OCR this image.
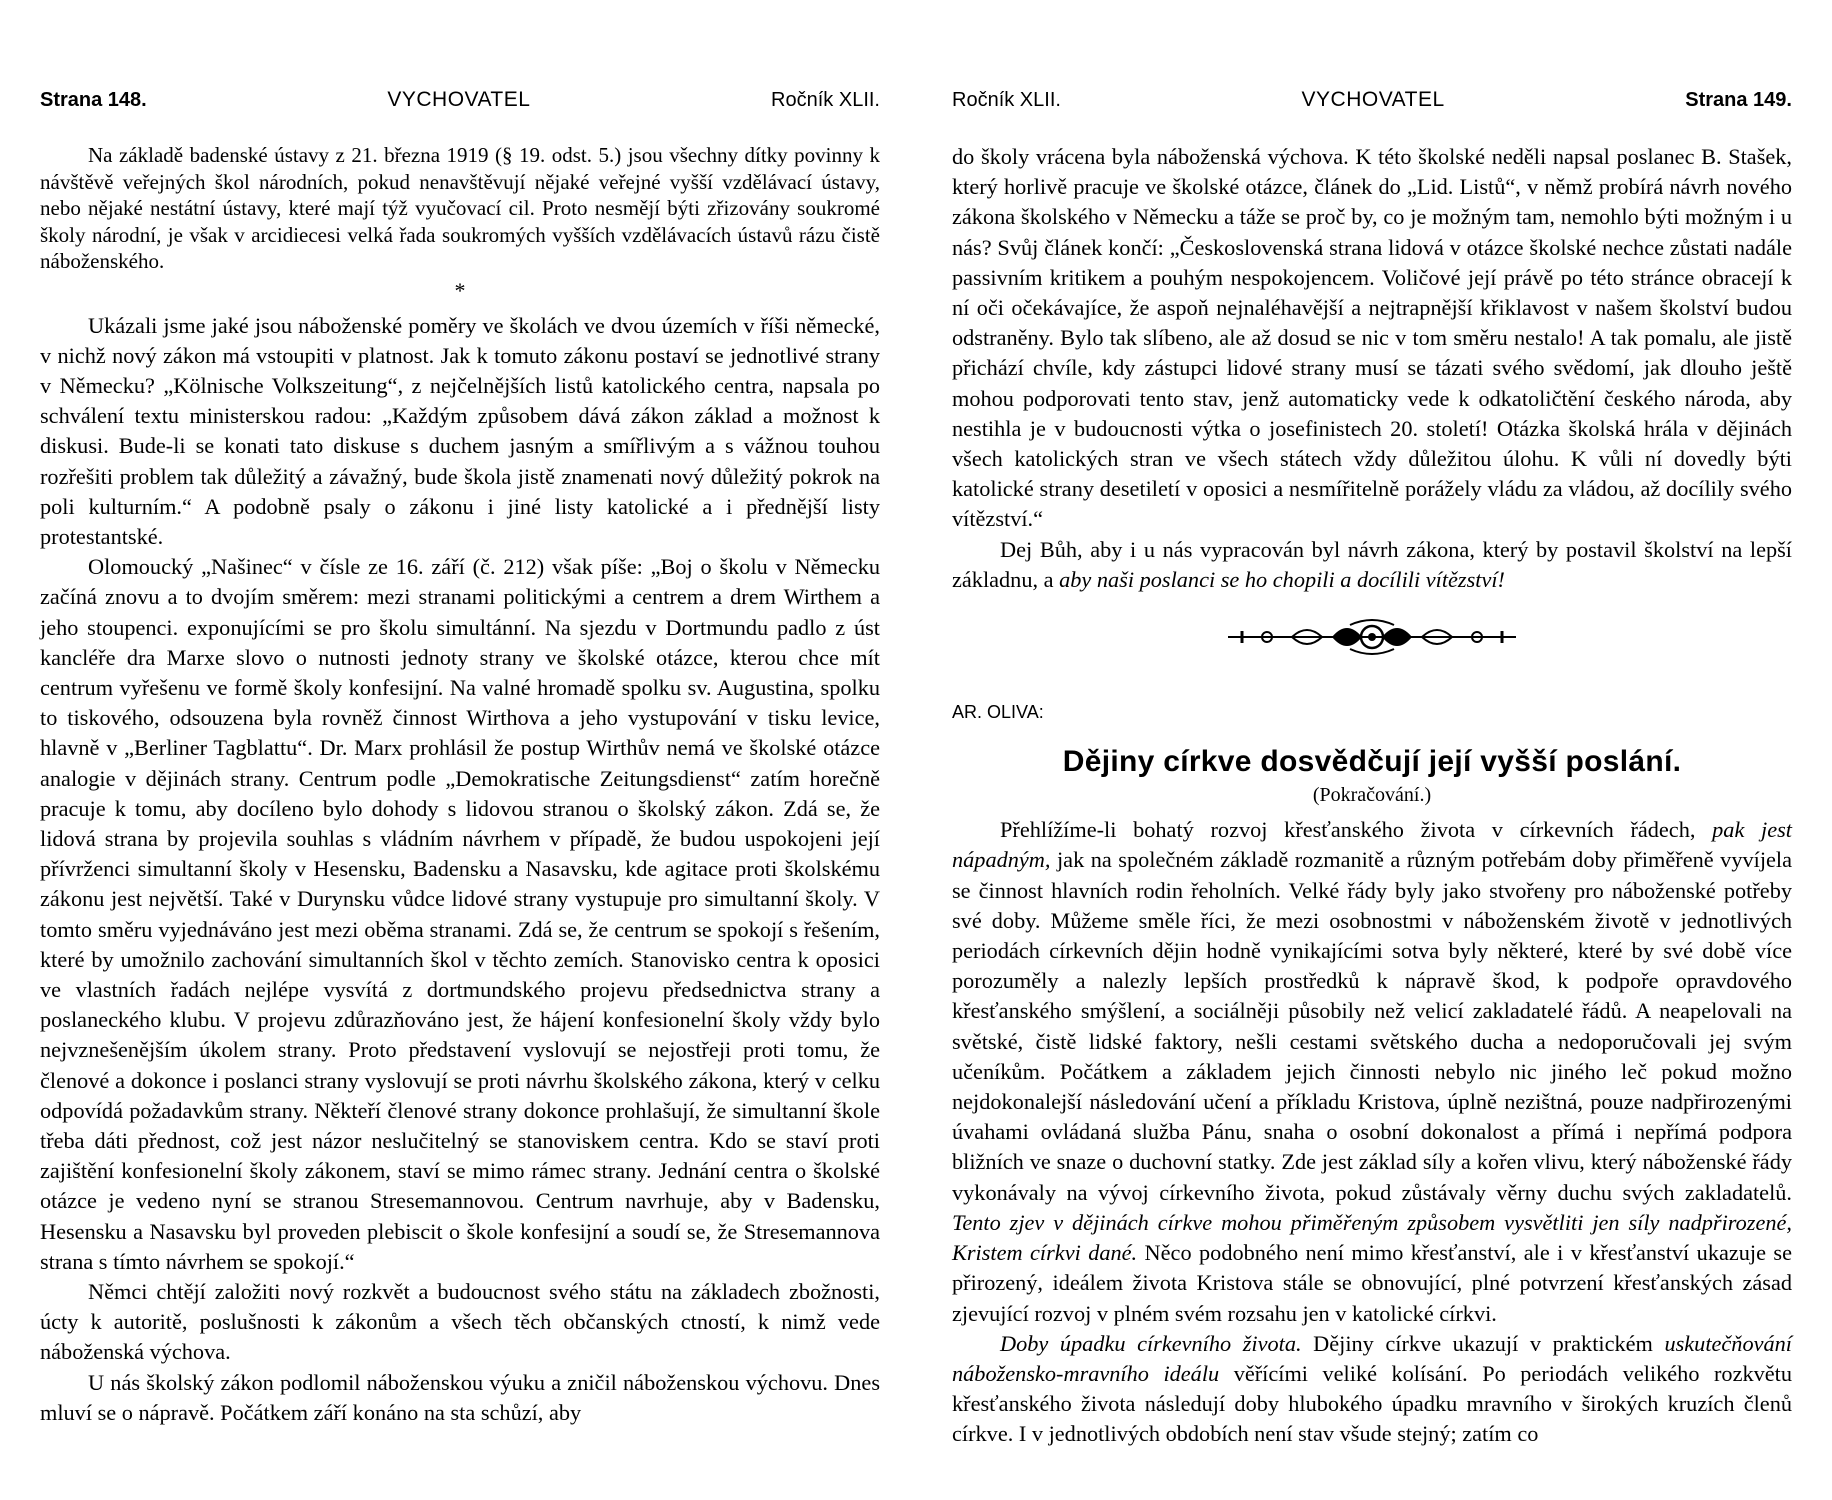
Strana 148.	VYCHOVATEL	Ročník XLII.

Na základě badenské ústavy z 21. března 1919 (§ 19. odst. 5.) jsou všechny dítky povinny k návštěvě veřejných škol národních, pokud nenavštěvují nějaké veřejné vyšší vzdělávací ústavy, nebo nějaké nestátní ústavy, které mají týž vyučovací cil. Proto nesmějí býti zřizovány soukromé školy národní, je však v arcidiecesi velká řada soukromých vyšších vzdělávacích ústavů rázu čistě náboženského.

*

Ukázali jsme jaké jsou náboženské poměry ve školách ve dvou územích v říši německé, v nichž nový zákon má vstoupiti v platnost. Jak k tomuto zákonu postaví se jednotlivé strany v Německu? „Kölnische Volkszeitung“, z nejčelnějších listů katolického centra, napsala po schválení textu ministerskou radou: „Každým způsobem dává zákon základ a možnost k diskusi. Bude-li se konati tato diskuse s duchem jasným a smířlivým a s vážnou touhou rozřešiti problem tak důležitý a závažný, bude škola jistě znamenati nový důležitý pokrok na poli kulturním.“ A podobně psaly o zákonu i jiné listy katolické a i přednější listy protestantské.

Olomoucký „Našinec“ v čísle ze 16. září (č. 212) však píše: „Boj o školu v Německu začíná znovu a to dvojím směrem: mezi stranami politickými a centrem a drem Wirthem a jeho stoupenci. exponujícími se pro školu simultánní. Na sjezdu v Dortmundu padlo z úst kancléře dra Marxe slovo o nutnosti jednoty strany ve školské otázce, kterou chce mít centrum vyřešenu ve formě školy konfesijní. Na valné hromadě spolku sv. Augustina, spolku to tiskového, odsouzena byla rovněž činnost Wirthova a jeho vystupování v tisku levice, hlavně v „Berliner Tagblattu“. Dr. Marx prohlásil že postup Wirthův nemá ve školské otázce analogie v dějinách strany. Centrum podle „Demokratische Zeitungsdienst“ zatím horečně pracuje k tomu, aby docíleno bylo dohody s lidovou stranou o školský zákon. Zdá se, že lidová strana by projevila souhlas s vládním návrhem v případě, že budou uspokojeni její přívrženci simultanní školy v Hesensku, Badensku a Nasavsku, kde agitace proti školskému zákonu jest největší. Také v Durynsku vůdce lidové strany vystupuje pro simultanní školy. V tomto směru vyjednáváno jest mezi oběma stranami. Zdá se, že centrum se spokojí s řešením, které by umožnilo zachování simultanních škol v těchto zemích. Stanovisko centra k oposici ve vlastních řadách nejlépe vysvítá z dortmundského projevu předsednictva strany a poslaneckého klubu. V projevu zdůrazňováno jest, že hájení konfesionelní školy vždy bylo nejvznešenějším úkolem strany. Proto představení vyslovují se nejostřeji proti tomu, že členové a dokonce i poslanci strany vyslovují se proti návrhu školského zákona, který v celku odpovídá požadavkům strany. Někteří členové strany dokonce prohlašují, že simultanní škole třeba dáti přednost, což jest názor neslučitelný se stanoviskem centra. Kdo se staví proti zajištění konfesionelní školy zákonem, staví se mimo rámec strany. Jednání centra o školské otázce je vedeno nyní se stranou Stresemannovou. Centrum navrhuje, aby v Badensku, Hesensku a Nasavsku byl proveden plebiscit o škole konfesijní a soudí se, že Stresemannova strana s tímto návrhem se spokojí.“

Němci chtějí založiti nový rozkvět a budoucnost svého státu na základech zbožnosti, úcty k autoritě, poslušnosti k zákonům a všech těch občanských ctností, k nimž vede náboženská výchova.

U nás školský zákon podlomil náboženskou výuku a zničil náboženskou výchovu. Dnes mluví se o nápravě. Počátkem září konáno na sta schůzí, aby

Ročník XLII.	VYCHOVATEL	Strana 149.

do školy vrácena byla náboženská výchova. K této školské neděli napsal poslanec B. Stašek, který horlivě pracuje ve školské otázce, článek do „Lid. Listů“, v němž probírá návrh nového zákona školského v Německu a táže se proč by, co je možným tam, nemohlo býti možným i u nás? Svůj článek končí: „Československá strana lidová v otázce školské nechce zůstati nadále passivním kritikem a pouhým nespokojencem. Voličové její právě po této stránce obracejí k ní oči očekávajíce, že aspoň nejnaléhavější a nejtrapnější křiklavost v našem školství budou odstraněny. Bylo tak slíbeno, ale až dosud se nic v tom směru nestalo! A tak pomalu, ale jistě přichází chvíle, kdy zástupci lidové strany musí se tázati svého svědomí, jak dlouho ještě mohou podporovati tento stav, jenž automaticky vede k odkatoličtění českého národa, aby nestihla je v budoucnosti výtka o josefinistech 20. století! Otázka školská hrála v dějinách všech katolických stran ve všech státech vždy důležitou úlohu. K vůli ní dovedly býti katolické strany desetiletí v oposici a nesmířitelně porážely vládu za vládou, až docílily svého vítězství.“

Dej Bůh, aby i u nás vypracován byl návrh zákona, který by postavil školství na lepší základnu, a aby naši poslanci se ho chopili a docílili vítězství!

AR. OLIVA:
Dějiny církve dosvědčují její vyšší poslání.
(Pokračování.)

Přehlížíme-li bohatý rozvoj křesťanského života v církevních řádech, pak jest nápadným, jak na společném základě rozmanitě a různým potřebám doby přiměřeně vyvíjela se činnost hlavních rodin řeholních. Velké řády byly jako stvořeny pro náboženské potřeby své doby. Můžeme směle říci, že mezi osobnostmi v náboženském životě v jednotlivých periodách církevních dějin hodně vynikajícími sotva byly některé, které by své době více porozuměly a nalezly lepších prostředků k nápravě škod, k podpoře opravdového křesťanského smýšlení, a sociálněji působily než velicí zakladatelé řádů. A neapelovali na světské, čistě lidské faktory, nešli cestami světského ducha a nedoporučovali jej svým učeníkům. Počátkem a základem jejich činnosti nebylo nic jiného leč pokud možno nejdokonalejší následování učení a příkladu Kristova, úplně nezištná, pouze nadpřirozenými úvahami ovládaná služba Pánu, snaha o osobní dokonalost a přímá i nepřímá podpora bližních ve snaze o duchovní statky. Zde jest základ síly a kořen vlivu, který náboženské řády vykonávaly na vývoj církevního života, pokud zůstávaly věrny duchu svých zakladatelů. Tento zjev v dějinách církve mohou přiměřeným způsobem vysvětliti jen síly nadpřirozené, Kristem církvi dané. Něco podobného není mimo křesťanství, ale i v křesťanství ukazuje se přirozený, ideálem života Kristova stále se obnovující, plné potvrzení křesťanských zásad zjevující rozvoj v plném svém rozsahu jen v katolické církvi.

Doby úpadku církevního života. Dějiny církve ukazují v praktickém uskutečňování nábožensko-mravního ideálu věřícími veliké kolísání. Po periodách velikého rozkvětu křesťanského života následují doby hlubokého úpadku mravního v širokých kruzích členů církve. I v jednotlivých obdobích není stav všude stejný; zatím co
